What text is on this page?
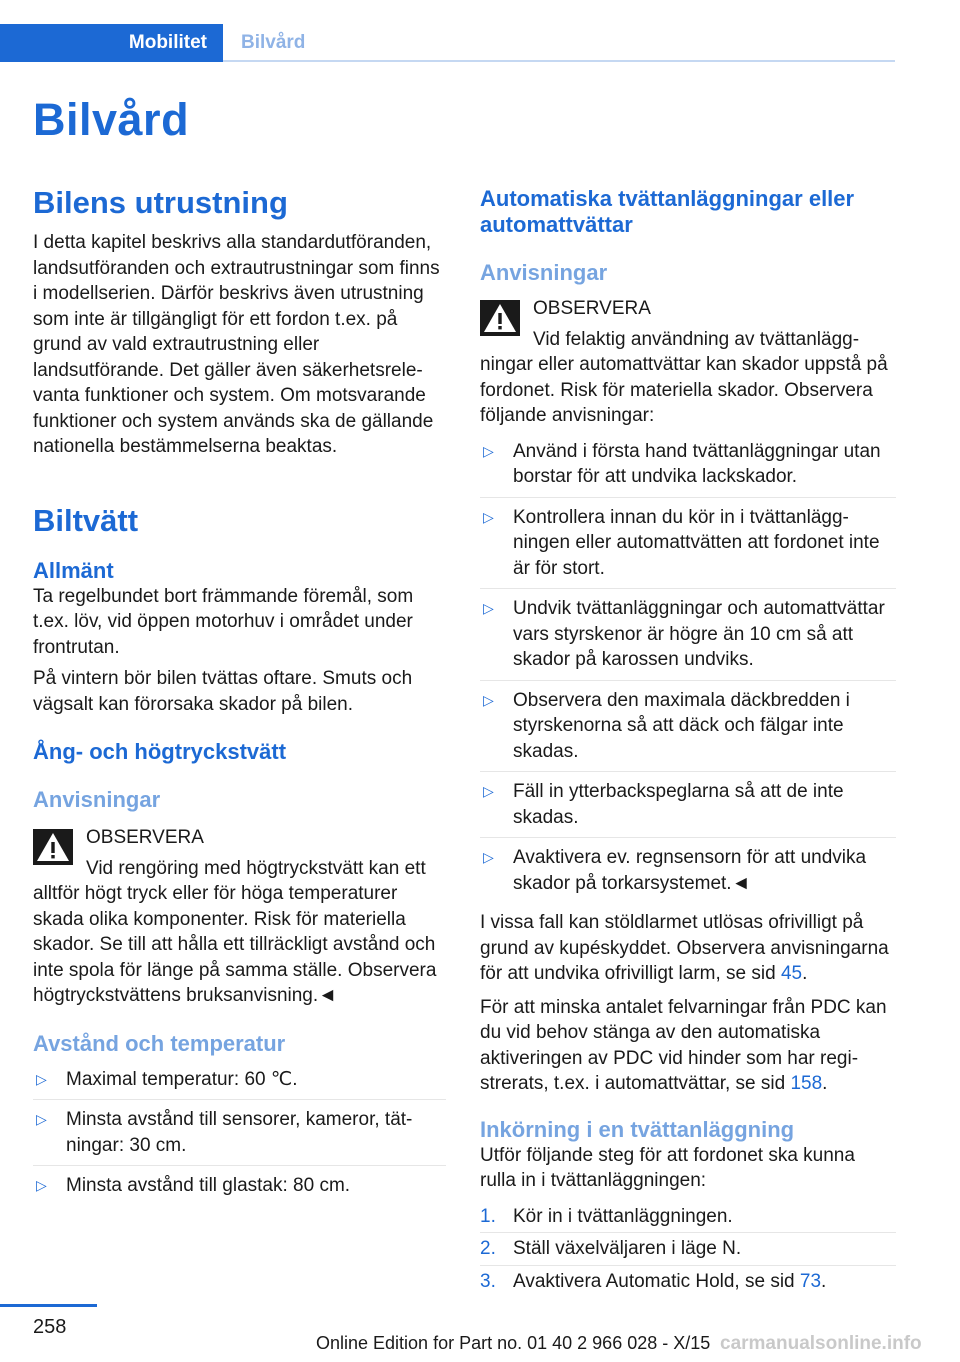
Mobilitet Bilvård
Bilvård
Bilens utrustning

I detta kapitel beskrivs alla standardutföranden, landsutföranden och extrautrustningar som finns i modellserien. Därför beskrivs även utrustning som inte är tillgängligt för ett fordon t.ex. på grund av vald extrautrustning eller landsutförande. Det gäller även säkerhetsrelevanta funktioner och system. Om motsvarande funktioner och system används ska de gällande nationella bestämmelserna beaktas.

Biltvätt
Allmänt

Ta regelbundet bort främmande föremål, som t.ex. löv, vid öppen motorhuv i området under frontrutan.

På vintern bör bilen tvättas oftare. Smuts och vägsalt kan förorsaka skador på bilen.

Ång- och högtryckstvätt
Anvisningar
OBSERVERA

Vid rengöring med högtryckstvätt kan ett alltför högt tryck eller för höga temperaturer skada olika komponenter. Risk för materiella skador. Se till att hålla ett tillräckligt avstånd och inte spola för länge på samma ställe. Observera högtryckstvättens bruksanvisning.◄

Avstånd och temperatur
▷ Maximal temperatur: 60 ℃.
▷ Minsta avstånd till sensorer, kameror, tätningar: 30 cm.
▷ Minsta avstånd till glastak: 80 cm.
Automatiska tvättanläggningar eller automattvättar
Anvisningar
OBSERVERA

Vid felaktig användning av tvättanläggningar eller automattvättar kan skador uppstå på fordonet. Risk för materiella skador. Observera följande anvisningar:

▷ Använd i första hand tvättanläggningar utan borstar för att undvika lackskador.
▷ Kontrollera innan du kör in i tvättanläggningen eller automattvätten att fordonet inte är för stort.
▷ Undvik tvättanläggningar och automattvättar vars styrskenor är högre än 10 cm så att skador på karossen undviks.
▷ Observera den maximala däckbredden i styrskenorna så att däck och fälgar inte skadas.
▷ Fäll in ytterbackspeglarna så att de inte skadas.
▷ Avaktivera ev. regnsensorn för att undvika skador på torkarsystemet.◄

I vissa fall kan stöldlarmet utlösas ofrivilligt på grund av kupéskyddet. Observera anvisningarna för att undvika ofrivilligt larm, se sid 45.

För att minska antalet felvarningar från PDC kan du vid behov stänga av den automatiska aktiveringen av PDC vid hinder som har registrerats, t.ex. i automattvättar, se sid 158.

Inkörning i en tvättanläggning

Utför följande steg för att fordonet ska kunna rulla in i tvättanläggningen:

1. Kör in i tvättanläggningen.
2. Ställ växelväljaren i läge N.
3. Avaktivera Automatic Hold, se sid 73.
258
Online Edition for Part no. 01 40 2 966 028 - X/15 carmanualsonline.info
